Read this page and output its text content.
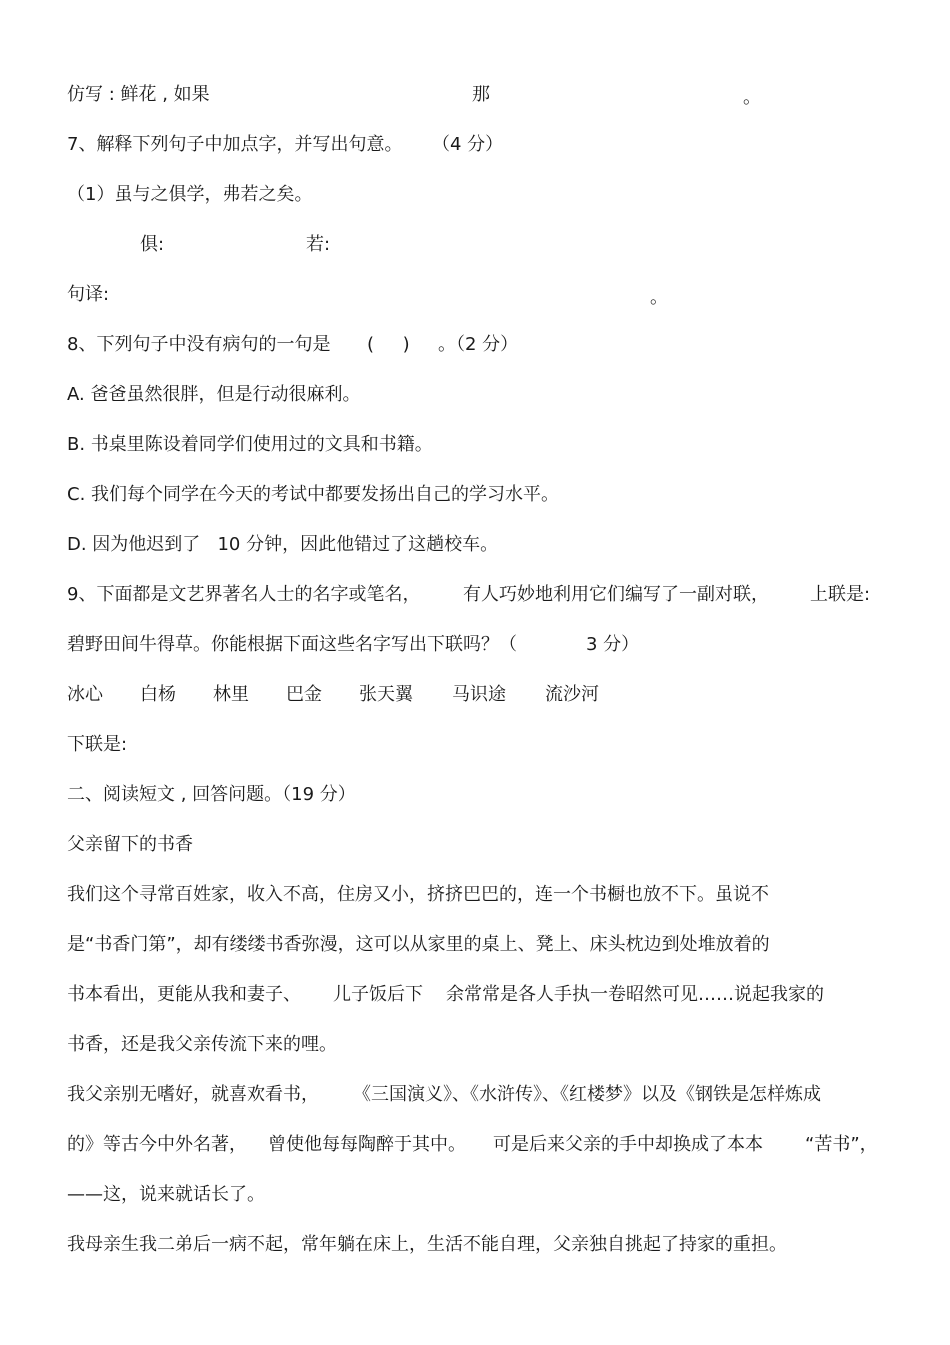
仿写 : 鲜花 , 如果	那	。
7、解释下列句子中加点字，并写出句意。 （4 分）
（1）虽与之俱学，弗若之矣。
俱:	若:
句译:	。
8、下列句子中没有病句的一句是 (     ) 。（2 分）
A. 爸爸虽然很胖，但是行动很麻利。
B. 书桌里陈设着同学们使用过的文具和书籍。
C. 我们每个同学在今天的考试中都要发扬出自己的学习水平。
D. 因为他迟到了   10 分钟，因此他错过了这趟校车。
9、下面都是文艺界著名人士的名字或笔名， 有人巧妙地利用它们编写了一副对联， 上联是:
碧野田间牛得草。你能根据下面这些名字写出下联吗？（	3 分）
冰心 白杨 林里 巴金 张天翼 马识途 流沙河
下联是:
二、阅读短文 , 回答问题。（19 分）
父亲留下的书香
我们这个寻常百姓家，收入不高，住房又小，挤挤巴巴的，连一个书橱也放不下。虽说不
是“书香门第”，却有缕缕书香弥漫，这可以从家里的桌上、凳上、床头枕边到处堆放着的
书本看出，更能从我和妻子、 儿子饭后下 余常常是各人手执一卷昭然可见……说起我家的
书香，还是我父亲传流下来的哩。
我父亲别无嗜好，就喜欢看书， 《三国演义》、《水浒传》、《红楼梦》以及《钢铁是怎样炼成
的》等古今中外名著， 曾使他每每陶醉于其中。 可是后来父亲的手中却换成了本本 “苦书”，
——这，说来就话长了。
我母亲生我二弟后一病不起，常年躺在床上，生活不能自理，父亲独自挑起了持家的重担。
